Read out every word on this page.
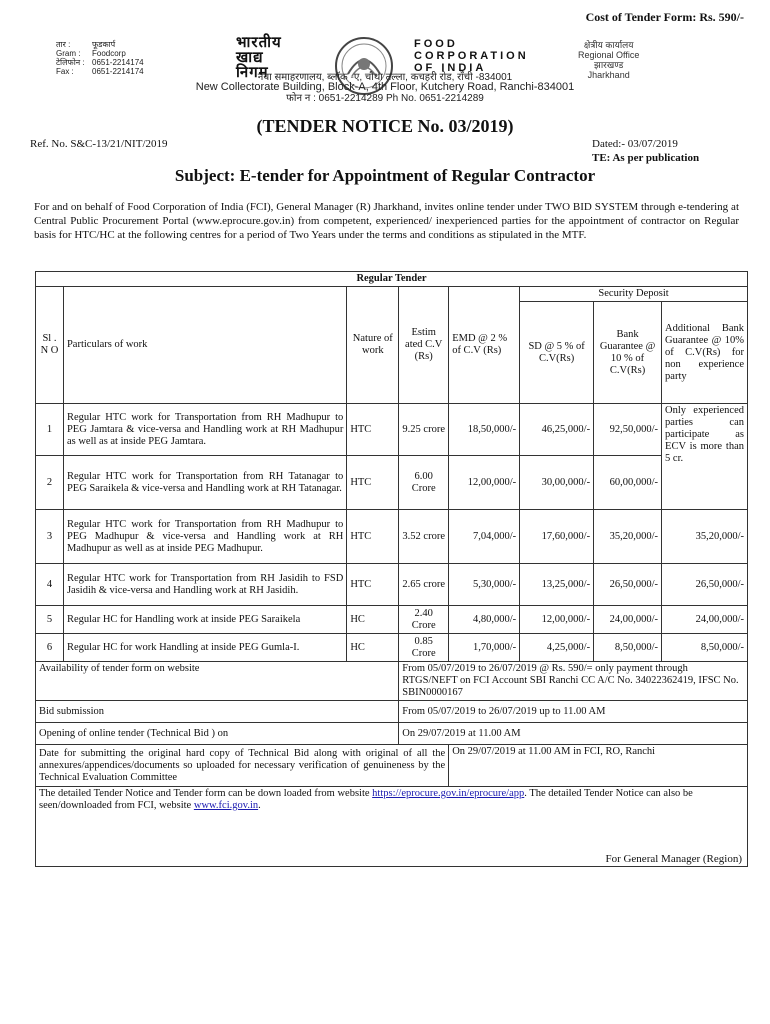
Cost of Tender Form: Rs. 590/-
तार :	फूडकार्प
Gram : Foodcorp
टेलिफोन : 0651-2214174
Fax : 0651-2214174
भारतीय
खाद्य
निगम
FOOD
CORPORATION
OF INDIA
क्षेत्रीय कार्यालय
Regional Office
झारखण्ड
Jharkhand
नया समाहरणालय, ब्लॉक -ए, चौथा तल्ला, कचहरी रोड, राँची -834001
New Collectorate Building, Block-A, 4th Floor, Kutchery Road, Ranchi-834001
फोन न : 0651-2214289 Ph No. 0651-2214289
(TENDER NOTICE No. 03/2019)
Ref. No. S&C-13/21/NIT/2019	Dated:- 03/07/2019
TE: As per publication
Subject: E-tender for Appointment of Regular Contractor
For and on behalf of Food Corporation of India (FCI), General Manager (R) Jharkhand, invites online tender under TWO BID SYSTEM through e-tendering at Central Public Procurement Portal (www.eprocure.gov.in) from competent, experienced/ inexperienced parties for the appointment of contractor on Regular basis for HTC/HC at the following centres for a period of Two Years under the terms and conditions as stipulated in the MTF.
Regular Tender							
Sl . N O	Particulars of work	Nature of work	Estim ated C.V (Rs)	EMD @ 2 % of C.V (Rs)	Security Deposit		
					SD @ 5 % of C.V(Rs)	Bank Guarantee @ 10 % of C.V(Rs)	Additional Bank Guarantee @ 10% of C.V(Rs) for non experience party
1	Regular HTC work for Transportation from RH Madhupur to PEG Jamtara & vice-versa and Handling work at RH Madhupur as well as at inside PEG Jamtara.	HTC	9.25 crore	18,50,000/-	46,25,000/-	92,50,000/-	Only experienced parties can participate as ECV is more than 5 cr.
2	Regular HTC work for Transportation from RH Tatanagar to PEG Saraikela & vice-versa and Handling work at RH Tatanagar.	HTC	6.00 Crore	12,00,000/-	30,00,000/-	60,00,000/-	
3	Regular HTC work for Transportation from RH Madhupur to PEG Madhupur & vice-versa and Handling work at RH Madhupur as well as at inside PEG Madhupur.	HTC	3.52 crore	7,04,000/-	17,60,000/-	35,20,000/-	35,20,000/-
4	Regular HTC work for Transportation from RH Jasidih to FSD Jasidih & vice-versa and Handling work at RH Jasidih.	HTC	2.65 crore	5,30,000/-	13,25,000/-	26,50,000/-	26,50,000/-
5	Regular HC for Handling work at inside PEG Saraikela	HC	2.40 Crore	4,80,000/-	12,00,000/-	24,00,000/-	24,00,000/-
6	Regular HC for work Handling at inside PEG Gumla-I.	HC	0.85 Crore	1,70,000/-	4,25,000/-	8,50,000/-	8,50,000/-
Availability of tender form on website			From 05/07/2019 to 26/07/2019 @ Rs. 590/= only payment through RTGS/NEFT on FCI Account SBI Ranchi CC A/C No. 34022362419, IFSC No. SBIN0000167				
Bid submission			From 05/07/2019 to 26/07/2019 up to 11.00 AM				
Opening of online tender (Technical Bid ) on			On 29/07/2019 at 11.00 AM				
Date for submitting the original hard copy of Technical Bid along with original of all the annexures/appendices/documents so uploaded for necessary verification of genuineness by the Technical Evaluation Committee				On 29/07/2019 at 11.00 AM in FCI, RO, Ranchi			
The detailed Tender Notice and Tender form can be down loaded from website https://eprocure.gov.in/eprocure/app. The detailed Tender Notice can also be seen/downloaded from FCI, website www.fci.gov.in.							
For General Manager (Region)
